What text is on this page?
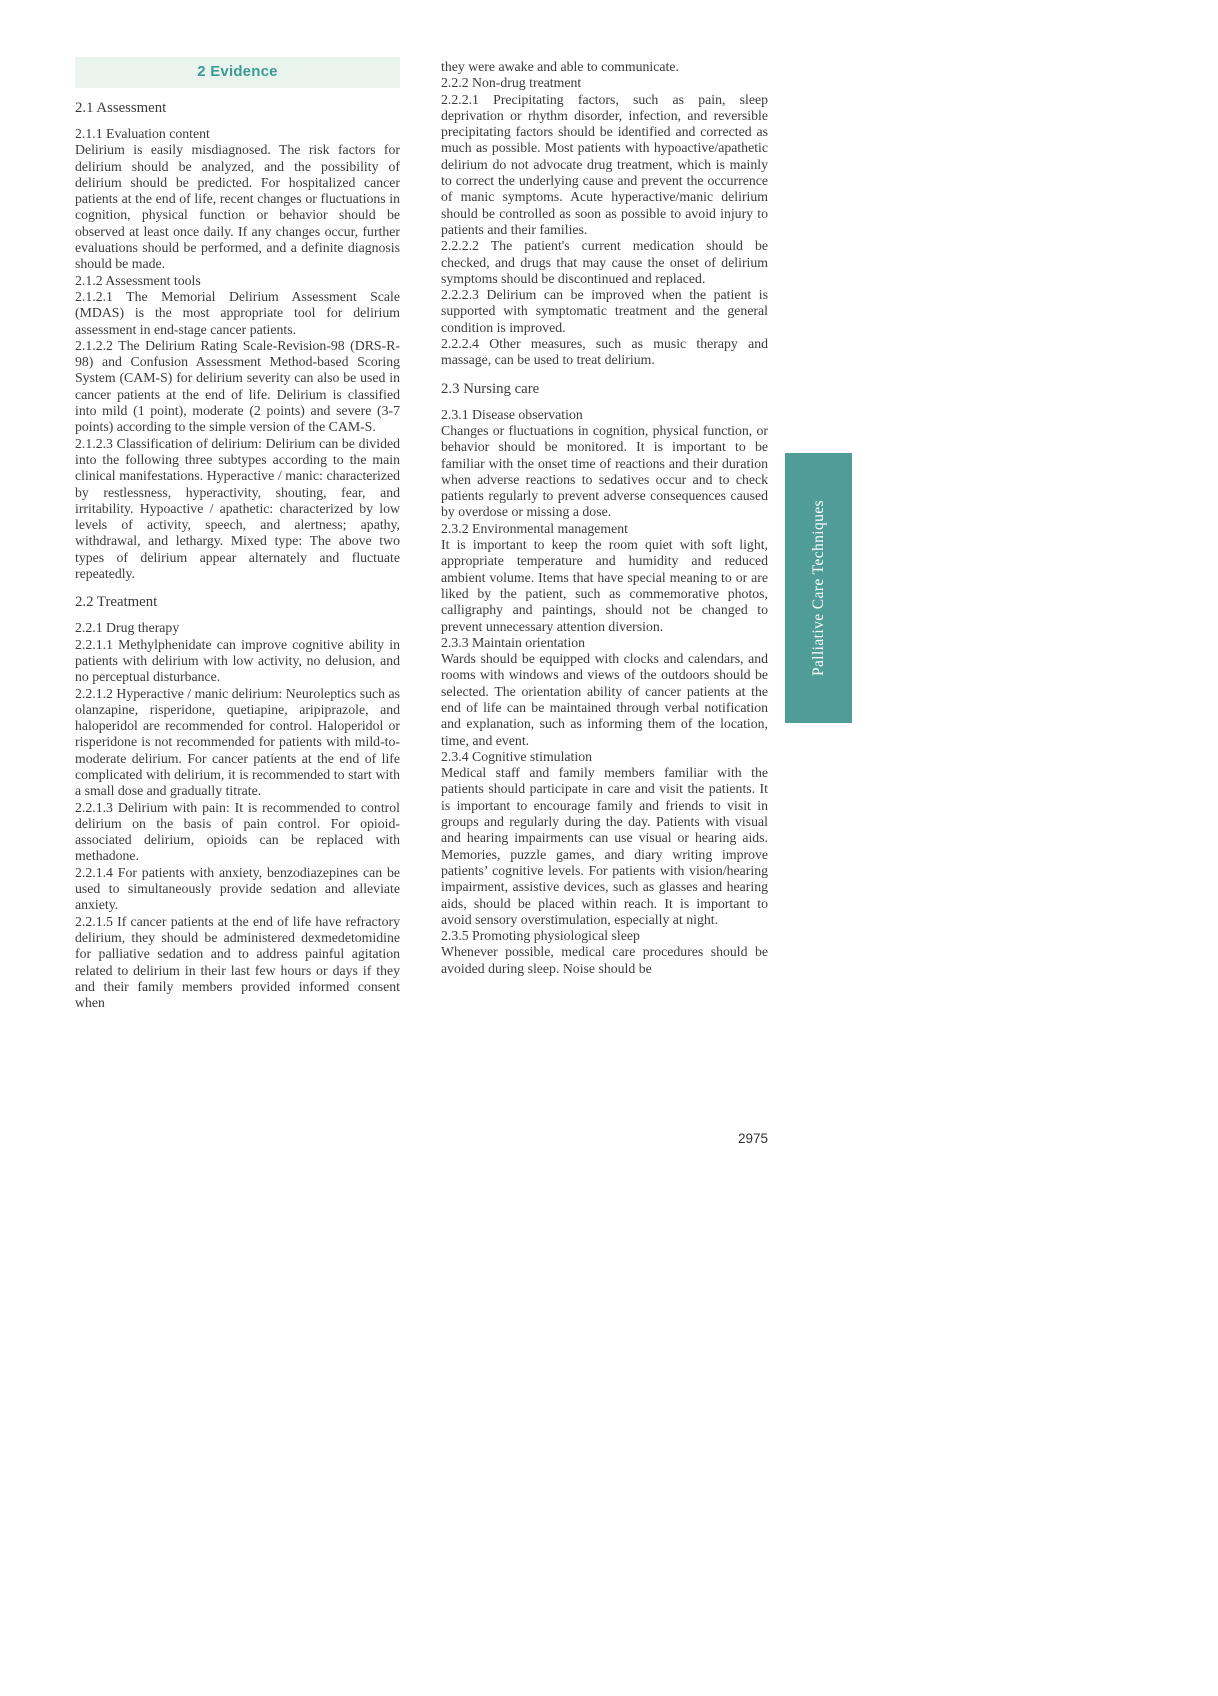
2 Evidence
2.1 Assessment
2.1.1 Evaluation content
Delirium is easily misdiagnosed. The risk factors for delirium should be analyzed, and the possibility of delirium should be predicted. For hospitalized cancer patients at the end of life, recent changes or fluctuations in cognition, physical function or behavior should be observed at least once daily. If any changes occur, further evaluations should be performed, and a definite diagnosis should be made.
2.1.2 Assessment tools
2.1.2.1 The Memorial Delirium Assessment Scale (MDAS) is the most appropriate tool for delirium assessment in end-stage cancer patients.
2.1.2.2 The Delirium Rating Scale-Revision-98 (DRS-R-98) and Confusion Assessment Method-based Scoring System (CAM-S) for delirium severity can also be used in cancer patients at the end of life. Delirium is classified into mild (1 point), moderate (2 points) and severe (3-7 points) according to the simple version of the CAM-S.
2.1.2.3 Classification of delirium: Delirium can be divided into the following three subtypes according to the main clinical manifestations. Hyperactive / manic: characterized by restlessness, hyperactivity, shouting, fear, and irritability. Hypoactive / apathetic: characterized by low levels of activity, speech, and alertness; apathy, withdrawal, and lethargy. Mixed type: The above two types of delirium appear alternately and fluctuate repeatedly.
2.2 Treatment
2.2.1 Drug therapy
2.2.1.1 Methylphenidate can improve cognitive ability in patients with delirium with low activity, no delusion, and no perceptual disturbance.
2.2.1.2 Hyperactive / manic delirium: Neuroleptics such as olanzapine, risperidone, quetiapine, aripiprazole, and haloperidol are recommended for control. Haloperidol or risperidone is not recommended for patients with mild-to-moderate delirium. For cancer patients at the end of life complicated with delirium, it is recommended to start with a small dose and gradually titrate.
2.2.1.3 Delirium with pain: It is recommended to control delirium on the basis of pain control. For opioid-associated delirium, opioids can be replaced with methadone.
2.2.1.4 For patients with anxiety, benzodiazepines can be used to simultaneously provide sedation and alleviate anxiety.
2.2.1.5 If cancer patients at the end of life have refractory delirium, they should be administered dexmedetomidine for palliative sedation and to address painful agitation related to delirium in their last few hours or days if they and their family members provided informed consent when
they were awake and able to communicate.
2.2.2 Non-drug treatment
2.2.2.1 Precipitating factors, such as pain, sleep deprivation or rhythm disorder, infection, and reversible precipitating factors should be identified and corrected as much as possible. Most patients with hypoactive/apathetic delirium do not advocate drug treatment, which is mainly to correct the underlying cause and prevent the occurrence of manic symptoms. Acute hyperactive/manic delirium should be controlled as soon as possible to avoid injury to patients and their families.
2.2.2.2 The patient's current medication should be checked, and drugs that may cause the onset of delirium symptoms should be discontinued and replaced.
2.2.2.3 Delirium can be improved when the patient is supported with symptomatic treatment and the general condition is improved.
2.2.2.4 Other measures, such as music therapy and massage, can be used to treat delirium.
2.3 Nursing care
2.3.1 Disease observation
Changes or fluctuations in cognition, physical function, or behavior should be monitored. It is important to be familiar with the onset time of reactions and their duration when adverse reactions to sedatives occur and to check patients regularly to prevent adverse consequences caused by overdose or missing a dose.
2.3.2 Environmental management
It is important to keep the room quiet with soft light, appropriate temperature and humidity and reduced ambient volume. Items that have special meaning to or are liked by the patient, such as commemorative photos, calligraphy and paintings, should not be changed to prevent unnecessary attention diversion.
2.3.3 Maintain orientation
Wards should be equipped with clocks and calendars, and rooms with windows and views of the outdoors should be selected. The orientation ability of cancer patients at the end of life can be maintained through verbal notification and explanation, such as informing them of the location, time, and event.
2.3.4 Cognitive stimulation
Medical staff and family members familiar with the patients should participate in care and visit the patients. It is important to encourage family and friends to visit in groups and regularly during the day. Patients with visual and hearing impairments can use visual or hearing aids. Memories, puzzle games, and diary writing improve patients’ cognitive levels. For patients with vision/hearing impairment, assistive devices, such as glasses and hearing aids, should be placed within reach. It is important to avoid sensory overstimulation, especially at night.
2.3.5 Promoting physiological sleep
Whenever possible, medical care procedures should be avoided during sleep. Noise should be
Palliative Care Techniques
2975
